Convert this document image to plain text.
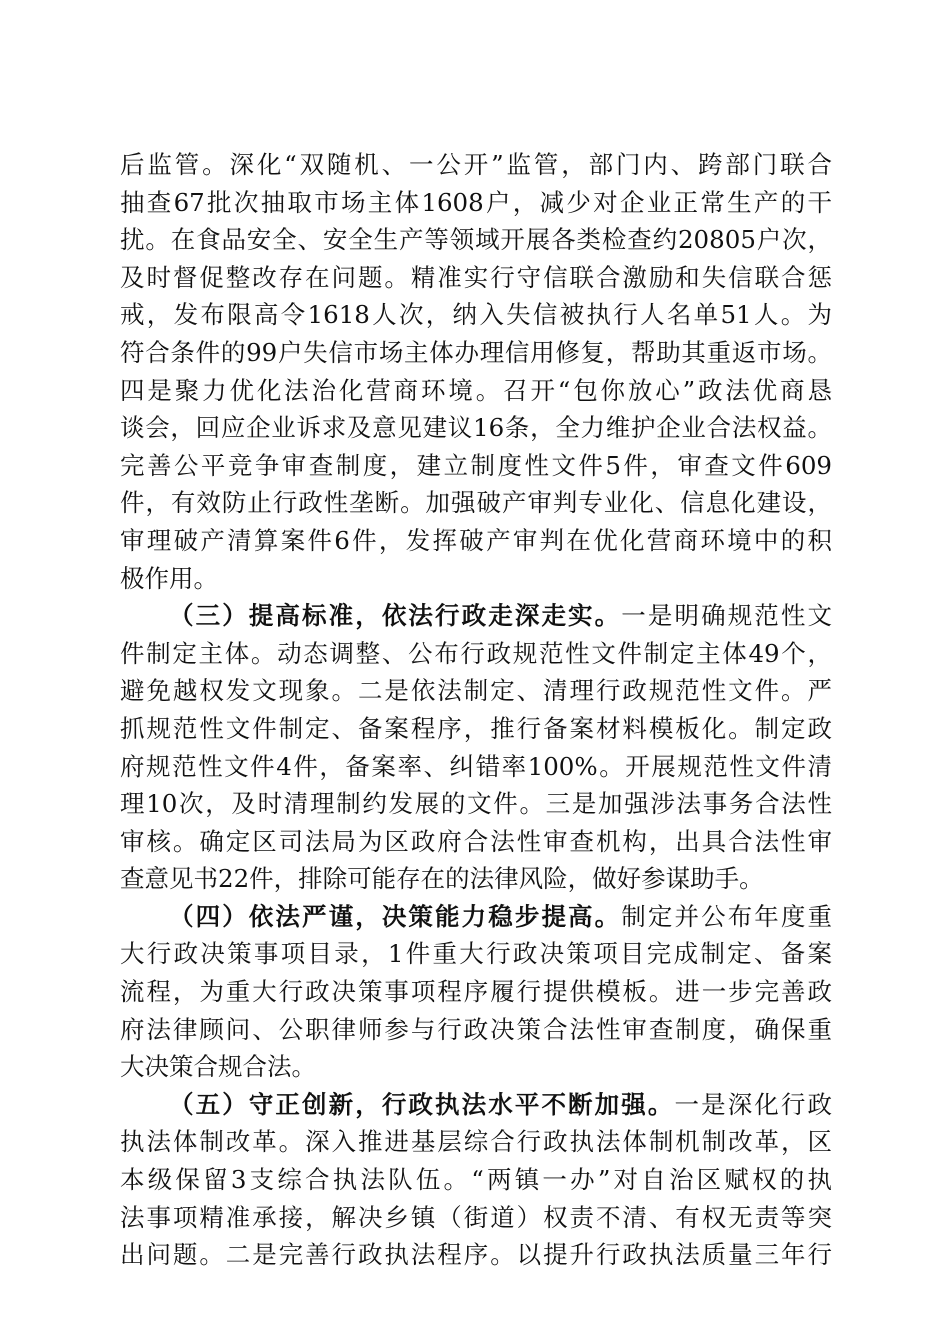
后监管。深化“双随机、一公开”监管，部门内、跨部门联合
抽查67批次抽取市场主体1608户，减少对企业正常生产的干
扰。在食品安全、安全生产等领域开展各类检查约20805户次，
及时督促整改存在问题。精准实行守信联合激励和失信联合惩
戒，发布限高令1618人次，纳入失信被执行人名单51人。为
符合条件的99户失信市场主体办理信用修复，帮助其重返市场。
四是聚力优化法治化营商环境。召开“包你放心”政法优商恳
谈会，回应企业诉求及意见建议16条，全力维护企业合法权益。
完善公平竞争审查制度，建立制度性文件5件，审查文件609
件，有效防止行政性垄断。加强破产审判专业化、信息化建设，
审理破产清算案件6件，发挥破产审判在优化营商环境中的积
极作用。
（三）提高标准，依法行政走深走实。一是明确规范性文
件制定主体。动态调整、公布行政规范性文件制定主体49个，
避免越权发文现象。二是依法制定、清理行政规范性文件。严
抓规范性文件制定、备案程序，推行备案材料模板化。制定政
府规范性文件4件，备案率、纠错率100%。开展规范性文件清
理10次，及时清理制约发展的文件。三是加强涉法事务合法性
审核。确定区司法局为区政府合法性审查机构，出具合法性审
查意见书22件，排除可能存在的法律风险，做好参谋助手。
（四）依法严谨，决策能力稳步提高。制定并公布年度重
大行政决策事项目录，1件重大行政决策项目完成制定、备案
流程，为重大行政决策事项程序履行提供模板。进一步完善政
府法律顾问、公职律师参与行政决策合法性审查制度，确保重
大决策合规合法。
（五）守正创新，行政执法水平不断加强。一是深化行政
执法体制改革。深入推进基层综合行政执法体制机制改革，区
本级保留3支综合执法队伍。“两镇一办”对自治区赋权的执
法事项精准承接，解决乡镇（街道）权责不清、有权无责等突
出问题。二是完善行政执法程序。以提升行政执法质量三年行
